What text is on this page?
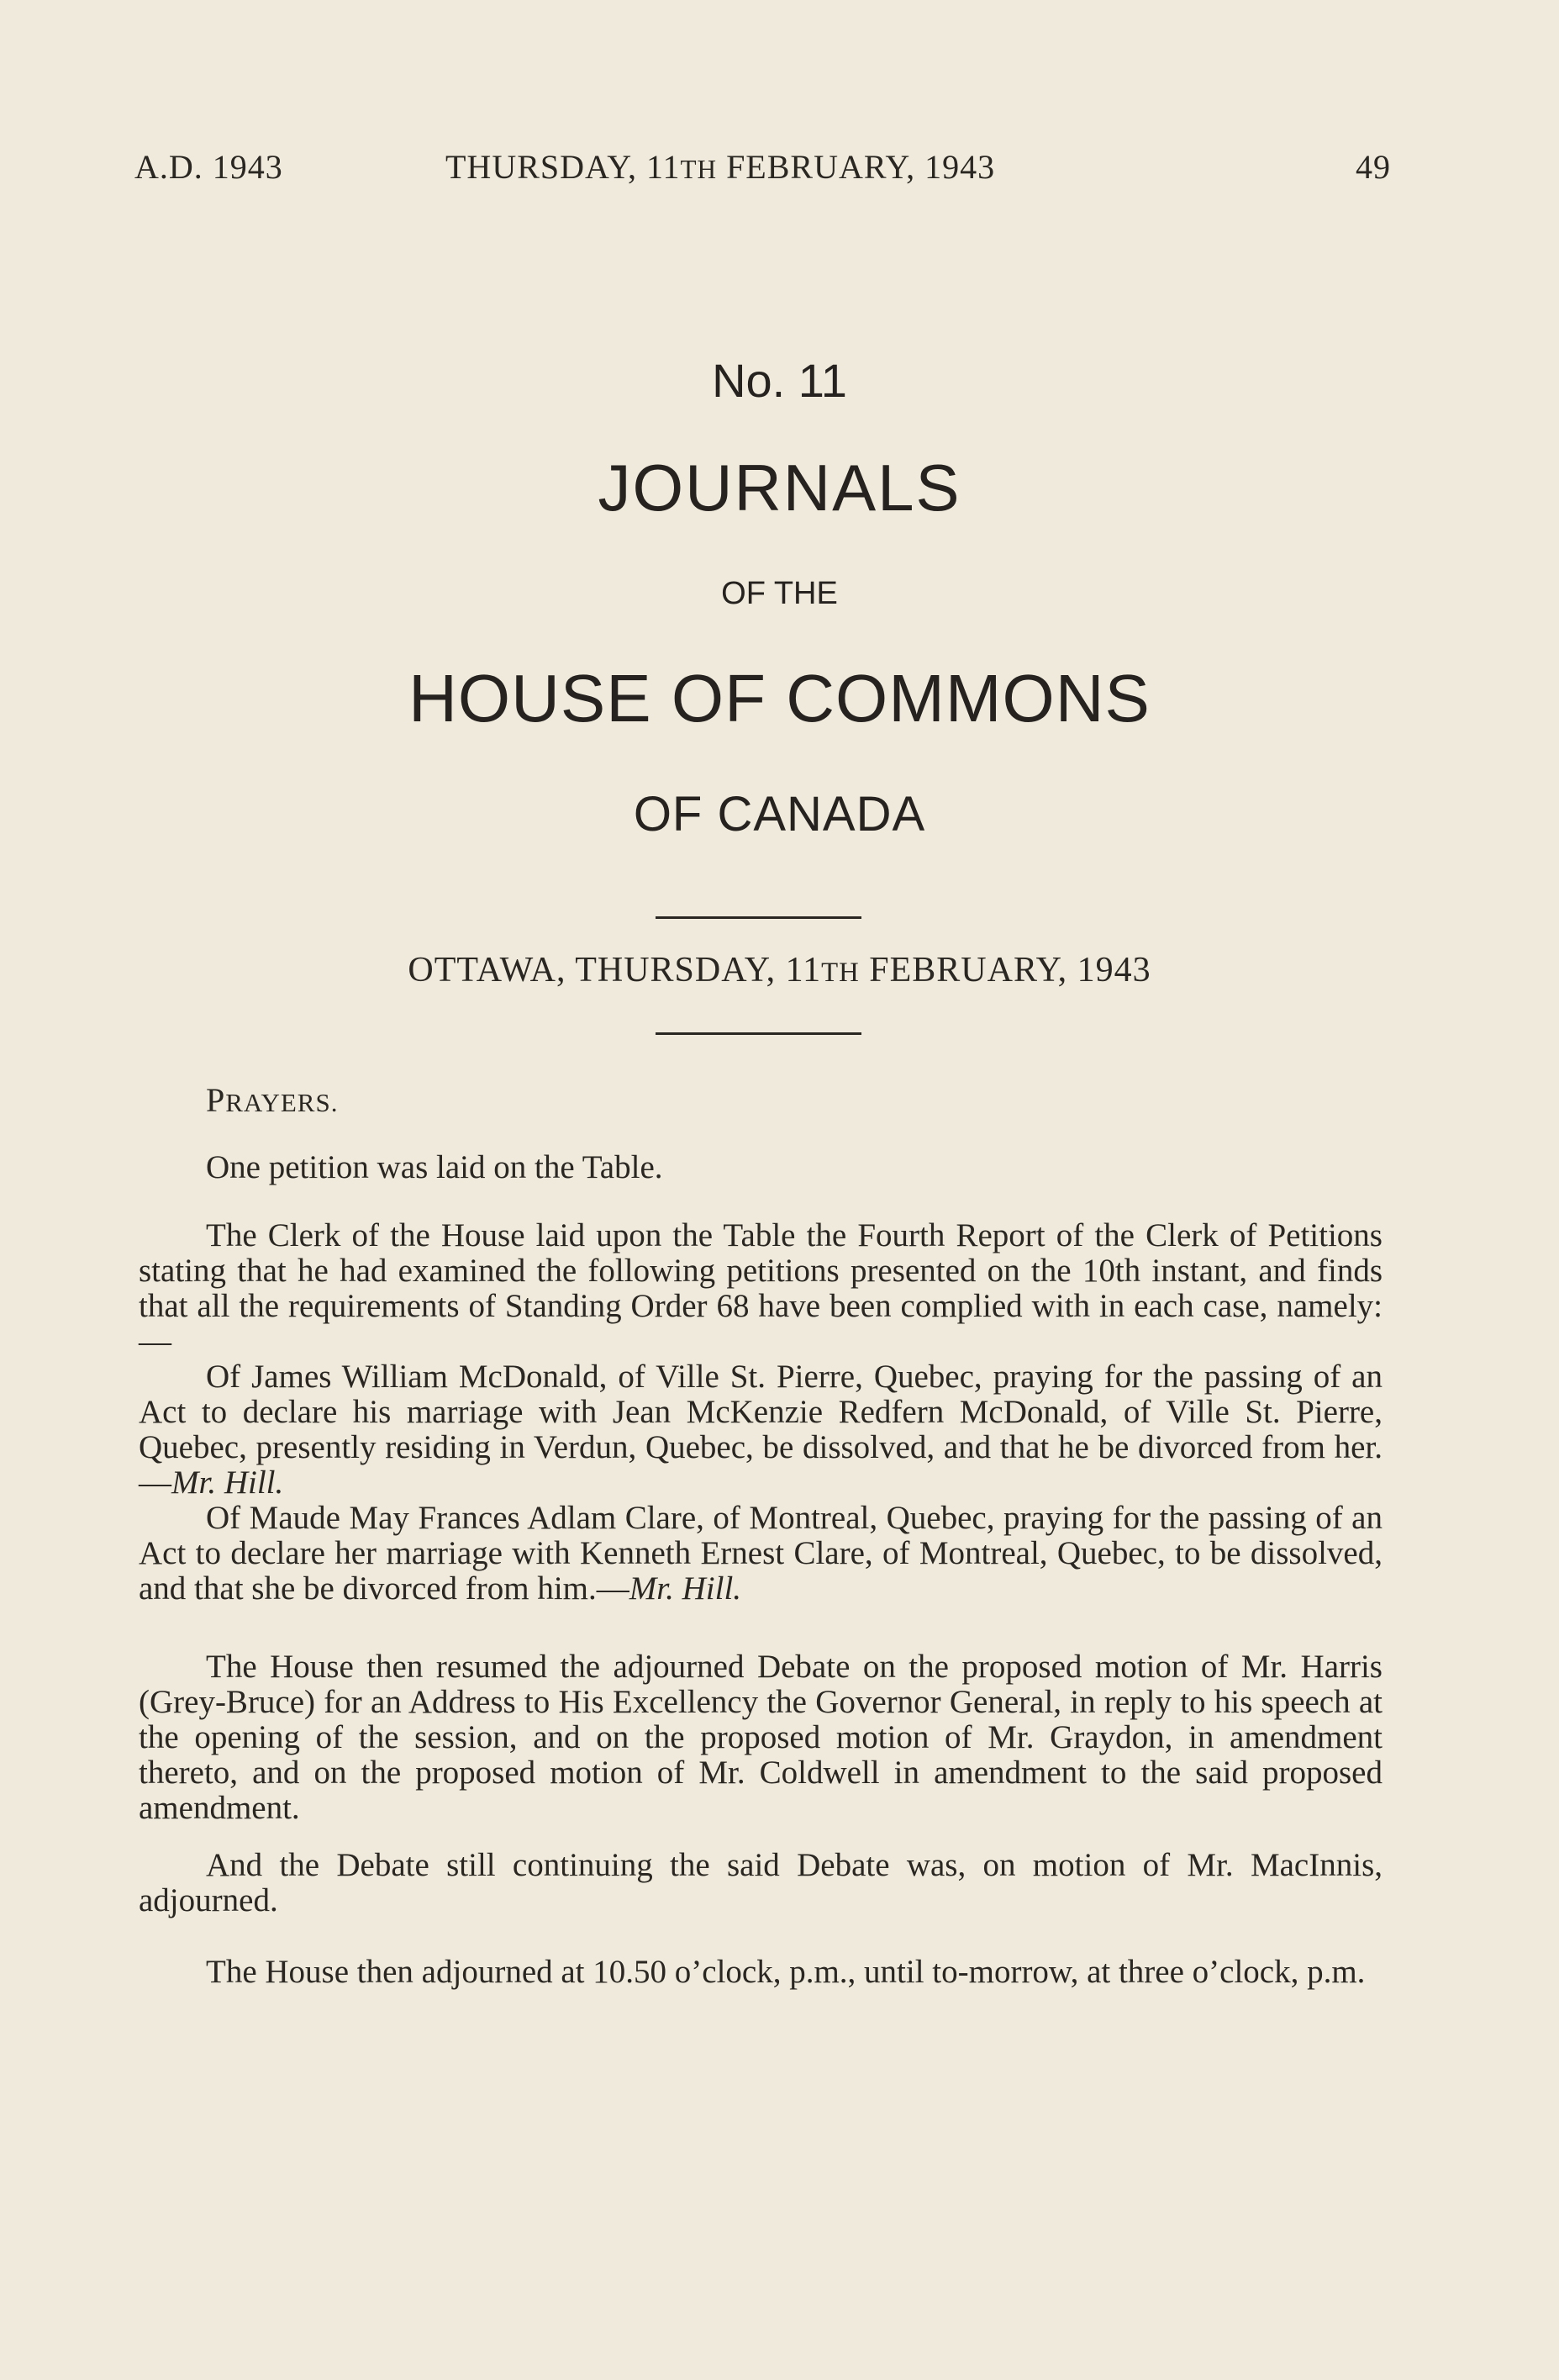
A.D. 1943	THURSDAY, 11TH FEBRUARY, 1943	49
No. 11
JOURNALS
OF THE
HOUSE OF COMMONS
OF CANADA
OTTAWA, THURSDAY, 11TH FEBRUARY, 1943
PRAYERS.

One petition was laid on the Table.

The Clerk of the House laid upon the Table the Fourth Report of the Clerk of Petitions stating that he had examined the following petitions presented on the 10th instant, and finds that all the requirements of Standing Order 68 have been complied with in each case, namely:—

Of James William McDonald, of Ville St. Pierre, Quebec, praying for the passing of an Act to declare his marriage with Jean McKenzie Redfern McDonald, of Ville St. Pierre, Quebec, presently residing in Verdun, Quebec, be dissolved, and that he be divorced from her.—Mr. Hill.

Of Maude May Frances Adlam Clare, of Montreal, Quebec, praying for the passing of an Act to declare her marriage with Kenneth Ernest Clare, of Montreal, Quebec, to be dissolved, and that she be divorced from him.—Mr. Hill.

The House then resumed the adjourned Debate on the proposed motion of Mr. Harris (Grey-Bruce) for an Address to His Excellency the Governor General, in reply to his speech at the opening of the session, and on the proposed motion of Mr. Graydon, in amendment thereto, and on the proposed motion of Mr. Coldwell in amendment to the said proposed amendment.

And the Debate still continuing the said Debate was, on motion of Mr. MacInnis, adjourned.

The House then adjourned at 10.50 o’clock, p.m., until to-morrow, at three o’clock, p.m.
